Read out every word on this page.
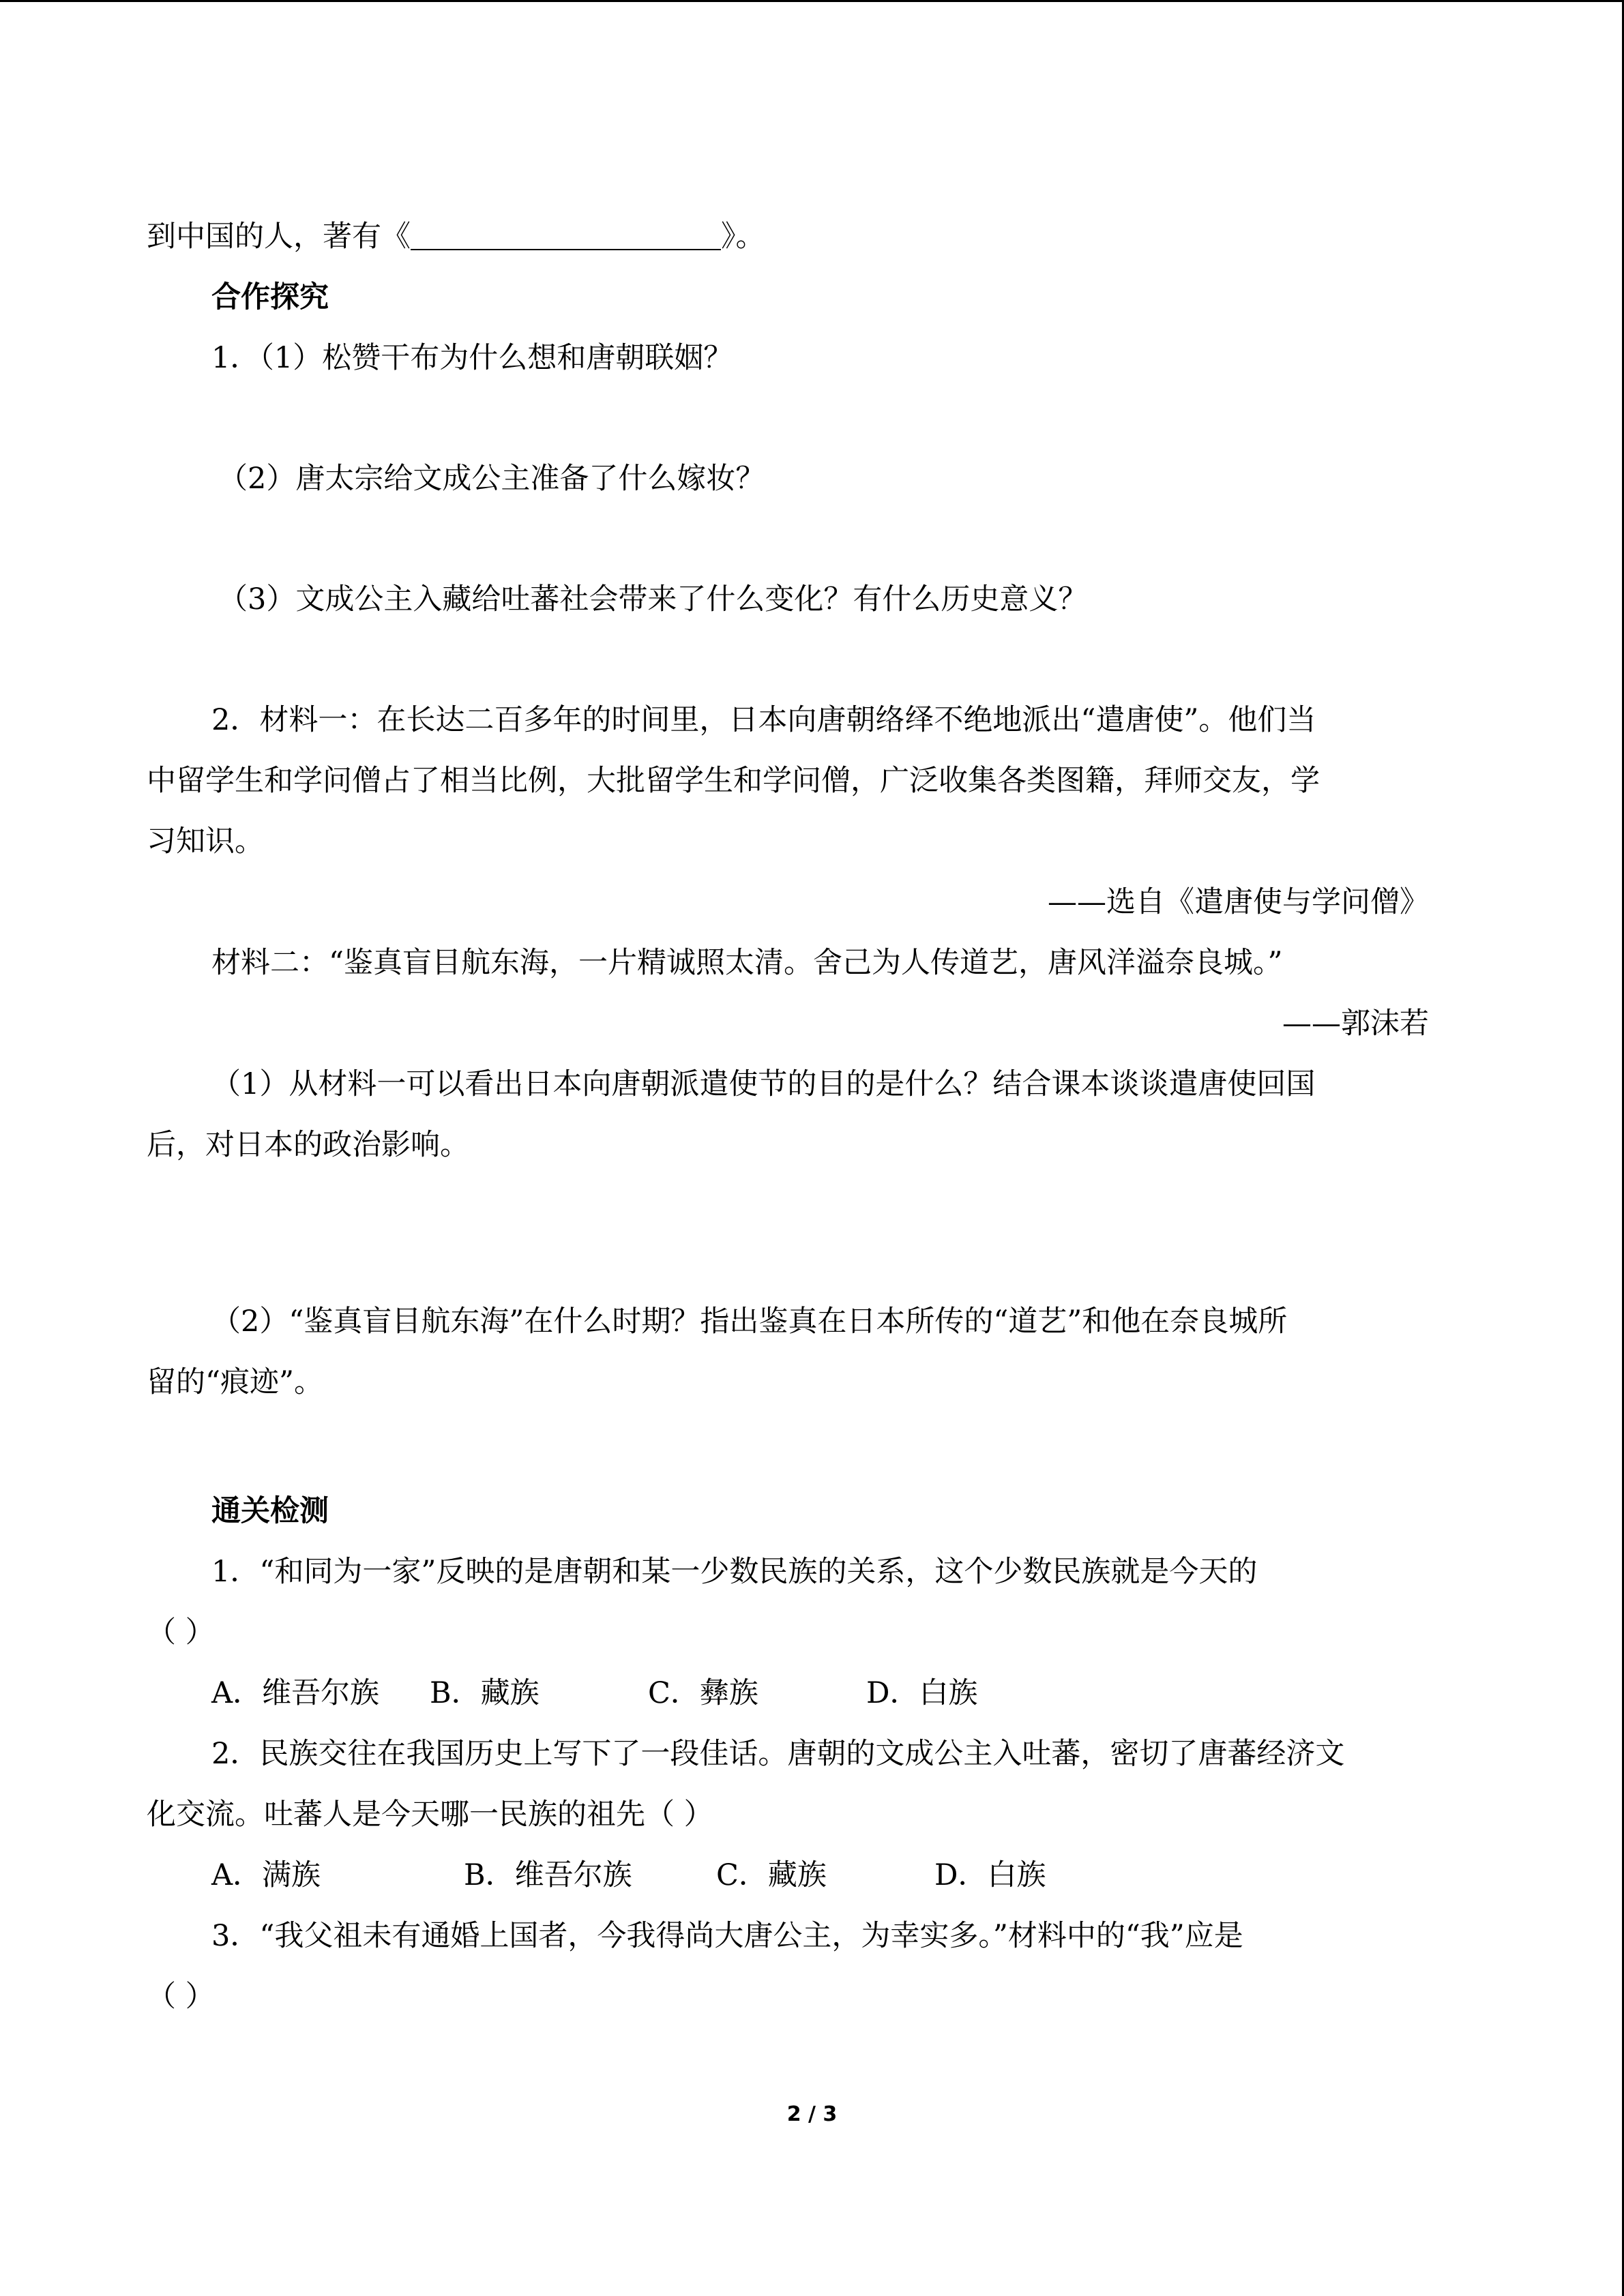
到中国的人，著有《	》。
合作探究
1．（1）松赞干布为什么想和唐朝联姻？
（2）唐太宗给文成公主准备了什么嫁妆？
（3）文成公主入藏给吐蕃社会带来了什么变化？有什么历史意义？
2．材料一：在长达二百多年的时间里，日本向唐朝络绎不绝地派出“遣唐使”。他们当
中留学生和学问僧占了相当比例，大批留学生和学问僧，广泛收集各类图籍，拜师交友，学
习知识。
——选自《遣唐使与学问僧》
材料二：“鉴真盲目航东海，一片精诚照太清。舍己为人传道艺，唐风洋溢奈良城。”
——郭沫若
（1）从材料一可以看出日本向唐朝派遣使节的目的是什么？结合课本谈谈遣唐使回国
后，对日本的政治影响。
（2）“鉴真盲目航东海”在什么时期？指出鉴真在日本所传的“道艺”和他在奈良城所
留的“痕迹”。
通关检测
1．“和同为一家”反映的是唐朝和某一少数民族的关系，这个少数民族就是今天的
（ ）
A．维吾尔族	B．藏族	C．彝族	D．白族
2．民族交往在我国历史上写下了一段佳话。唐朝的文成公主入吐蕃，密切了唐蕃经济文
化交流。吐蕃人是今天哪一民族的祖先（ ）
A．满族	B．维吾尔族	C．藏族	D．白族
3．“我父祖未有通婚上国者，今我得尚大唐公主，为幸实多。”材料中的“我”应是
（ ）
2 / 3
